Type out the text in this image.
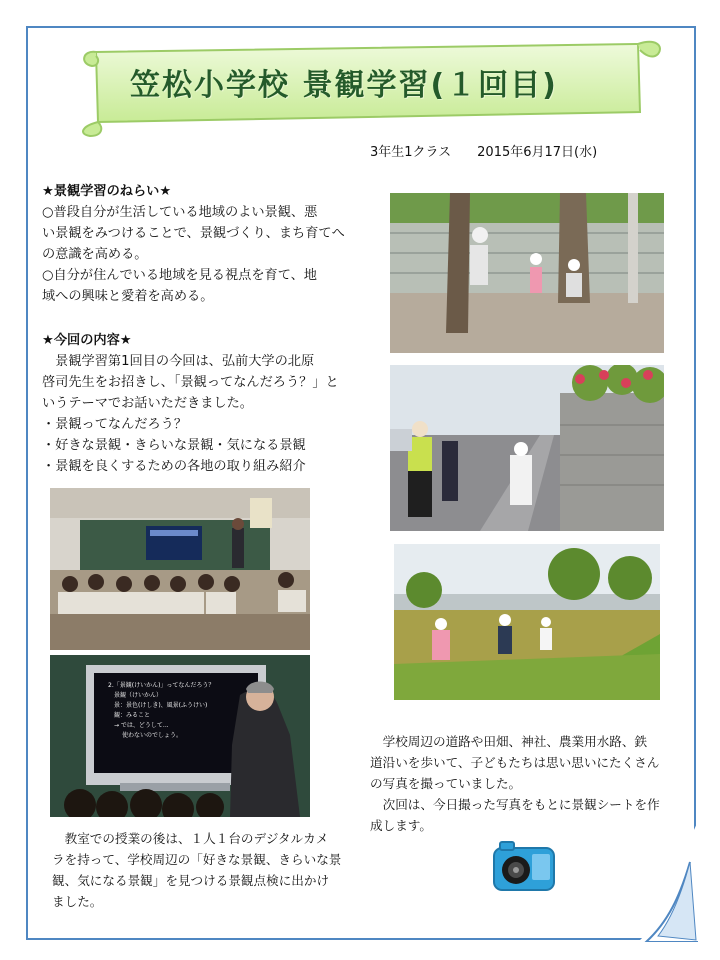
笠松小学校 景観学習(１回目)
3年生1クラス 2015年6月17日(水)
★景観学習のねらい★
○普段自分が生活している地域のよい景観、悪
い景観をみつけることで、景観づくり、まち育てへ
の意識を高める。
○自分が住んでいる地域を見る視点を育て、地
域への興味と愛着を高める。
★今回の内容★
　景観学習第1回目の今回は、弘前大学の北原
啓司先生をお招きし、「景観ってなんだろう？」と
いうテーマでお話いただきました。
・景観ってなんだろう？
・好きな景観・きらいな景観・気になる景観
・景観を良くするための各地の取り組み紹介
2.「景観(けいかん)」ってなんだろう？
景観（けいかん）
景：景色(けしき)、風景(ふうけい)
観：みること
→ では、どうして...
使わないのでしょう。
　教室での授業の後は、１人１台のデジタルカメ
ラを持って、学校周辺の「好きな景観、きらいな景
観、気になる景観」を見つける景観点検に出かけ
ました。
　学校周辺の道路や田畑、神社、農業用水路、鉄
道沿いを歩いて、子どもたちは思い思いにたくさん
の写真を撮っていました。
　次回は、今日撮った写真をもとに景観シートを作
成します。
